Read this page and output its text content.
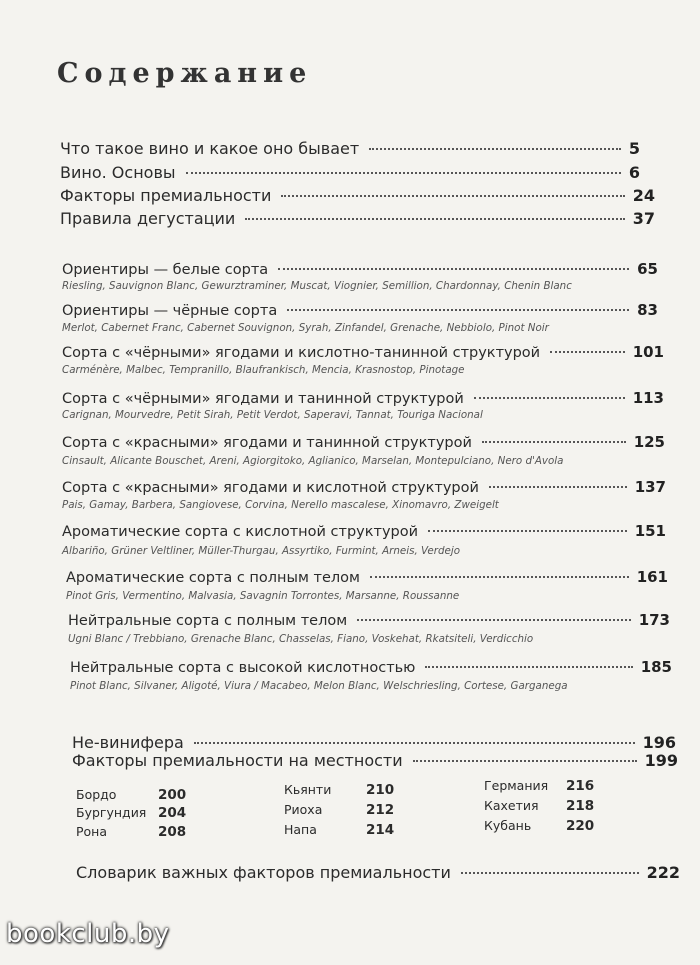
Содержание
Что такое вино и какое оно бывает	5
Вино. Основы	6
Факторы премиальности	24
Правила дегустации	37
Ориентиры — белые сорта	65
Riesling, Sauvignon Blanc, Gewurztraminer, Muscat, Viognier, Semillion, Chardonnay, Chenin Blanc
Ориентиры — чёрные сорта	83
Merlot, Cabernet Franc, Cabernet Souvignon, Syrah, Zinfandel, Grenache, Nebbiolo, Pinot Noir
Сорта с «чёрными» ягодами и кислотно-танинной структурой	101
Carménère, Malbec, Tempranillo, Blaufrankisch, Mencia, Krasnostop, Pinotage
Сорта с «чёрными» ягодами и танинной структурой	113
Carignan, Mourvedre, Petit Sirah, Petit Verdot, Saperavi, Tannat, Touriga Nacional
Сорта с «красными» ягодами и танинной структурой	125
Cinsault, Alicante Bouschet, Areni, Agiorgitoko, Aglianico, Marselan, Montepulciano, Nero d'Avola
Сорта с «красными» ягодами и кислотной структурой	137
Pais, Gamay, Barbera, Sangiovese, Corvina, Nerello mascalese, Xinomavro, Zweigelt
Ароматические сорта с кислотной структурой	151
Albariño, Grüner Veltliner, Müller-Thurgau, Assyrtiko, Furmint, Arneis, Verdejo
Ароматические сорта с полным телом	161
Pinot Gris, Vermentino, Malvasia, Savagnin Torrontes, Marsanne, Roussanne
Нейтральные сорта с полным телом	173
Ugni Blanc / Trebbiano, Grenache Blanc, Chasselas, Fiano, Voskehat, Rkatsiteli, Verdicchio
Нейтральные сорта с высокой кислотностью	185
Pinot Blanc, Silvaner, Aligoté, Viura / Macabeo, Melon Blanc, Welschriesling, Cortese, Garganega
Не-винифера	196
Факторы премиальности на местности	199
Бордо	200
Бургундия 204
Рона	208
Кьянти	210
Риоха	212
Напа	214
Германия	216
Кахетия	218
Кубань	220
Словарик важных факторов премиальности	222
bookclub.by
